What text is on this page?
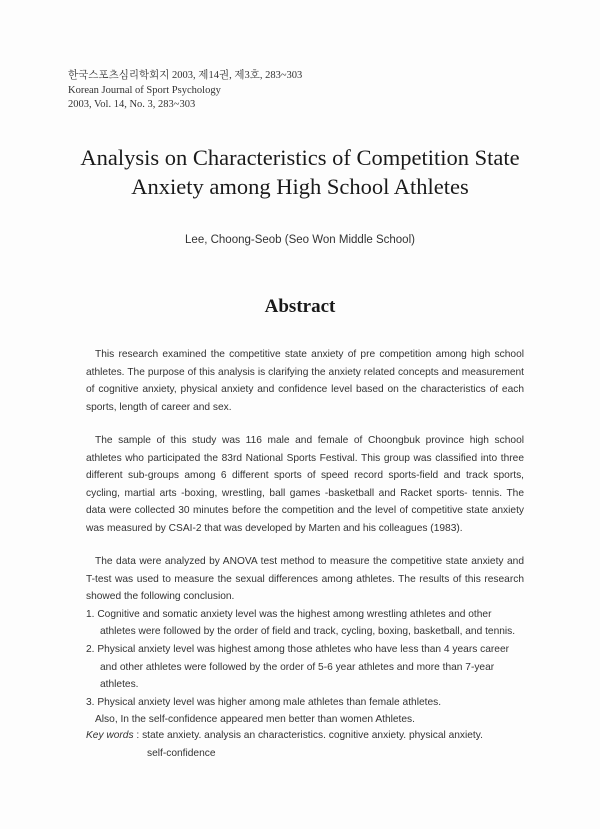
한국스포츠심리학회지 2003, 제14권, 제3호, 283~303
Korean Journal of Sport Psychology
2003, Vol. 14, No. 3, 283~303
Analysis on Characteristics of Competition State
Anxiety among High School Athletes
Lee, Choong-Seob (Seo Won Middle School)
Abstract

This research examined the competitive state anxiety of pre competition among high school athletes. The purpose of this analysis is clarifying the anxiety related concepts and measurement of cognitive anxiety, physical anxiety and confidence level based on the characteristics of each sports, length of career and sex.

The sample of this study was 116 male and female of Choongbuk province high school athletes who participated the 83rd National Sports Festival. This group was classified into three different sub-groups among 6 different sports of speed record sports-field and track sports, cycling, martial arts -boxing, wrestling, ball games -basketball and Racket sports- tennis. The data were collected 30 minutes before the competition and the level of competitive state anxiety was measured by CSAI-2 that was developed by Marten and his colleagues (1983).

The data were analyzed by ANOVA test method to measure the competitive state anxiety and T-test was used to measure the sexual differences among athletes. The results of this research showed the following conclusion.

1. Cognitive and somatic anxiety level was the highest among wrestling athletes and other athletes were followed by the order of field and track, cycling, boxing, basketball, and tennis.
2. Physical anxiety level was highest among those athletes who have less than 4 years career and other athletes were followed by the order of 5-6 year athletes and more than 7-year athletes.
3. Physical anxiety level was higher among male athletes than female athletes.

Also, In the self-confidence appeared men better than women Athletes.

Key words : state anxiety. analysis an characteristics. cognitive anxiety. physical anxiety.
self-confidence
